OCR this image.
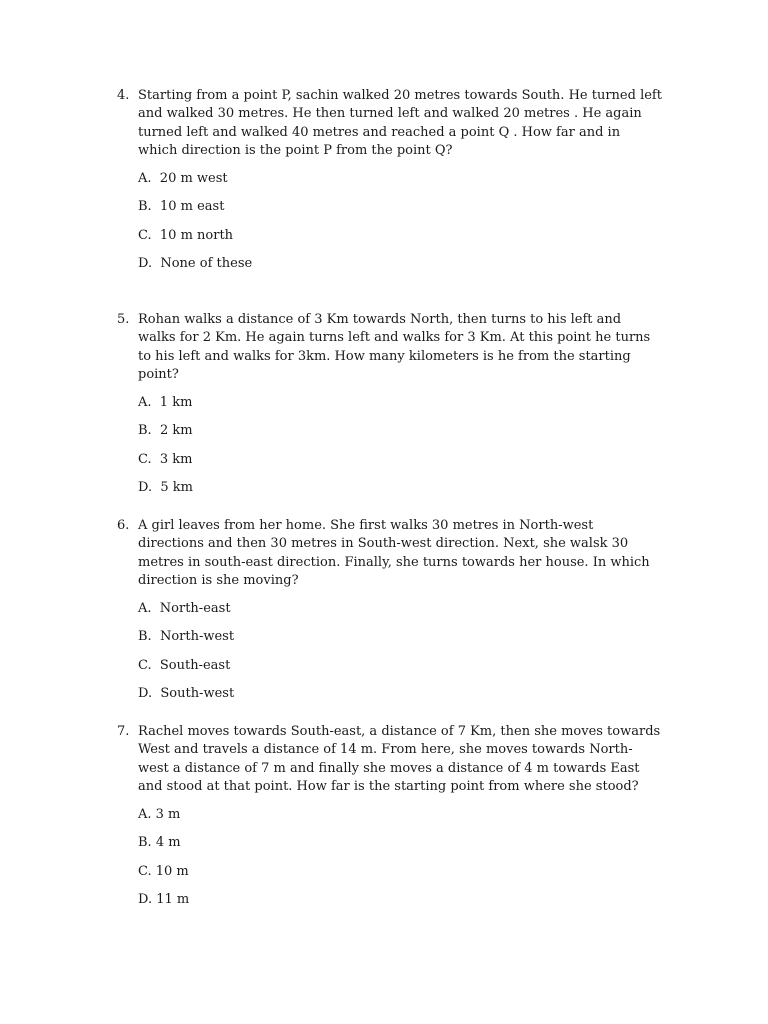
4. Starting from a point P, sachin walked 20 metres towards South. He turned left and walked 30 metres. He then turned left and walked 20 metres . He again turned left and walked 40 metres and reached a point Q . How far and in which direction is the point P from the point Q?
A. 20 m west
B. 10 m east
C. 10 m north
D. None of these
5. Rohan walks a distance of 3 Km towards North, then turns to his left and walks for 2 Km. He again turns left and walks for 3 Km. At this point he turns to his left and walks for 3km. How many kilometers is he from the starting point?
A. 1 km
B. 2 km
C. 3 km
D. 5 km
6. A girl leaves from her home. She first walks 30 metres in North-west directions and then 30 metres in South-west direction. Next, she walsk 30 metres in south-east direction. Finally, she turns towards her house. In which direction is she moving?
A. North-east
B. North-west
C. South-east
D. South-west
7. Rachel moves towards South-east, a distance of 7 Km, then she moves towards West and travels a distance of 14 m. From here, she moves towards North-west a distance of 7 m and finally she moves a distance of 4 m towards East and stood at that point. How far is the starting point from where she stood?
A. 3 m
B. 4 m
C. 10 m
D. 11 m
